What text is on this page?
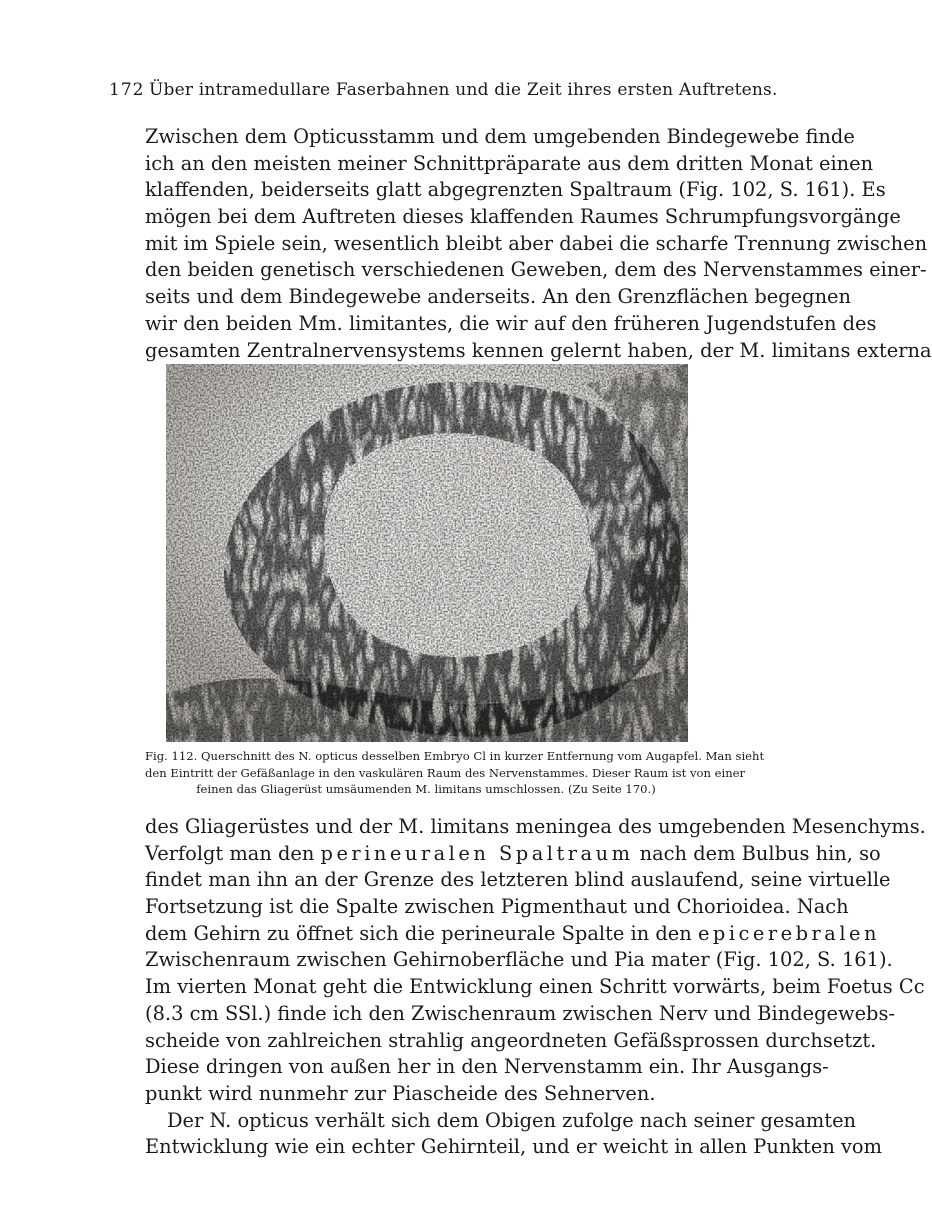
172 Über intramedullare Faserbahnen und die Zeit ihres ersten Auftretens.
Zwischen dem Opticusstamm und dem umgebenden Bindegewebe finde
ich an den meisten meiner Schnittpräparate aus dem dritten Monat einen
klaffenden, beiderseits glatt abgegrenzten Spaltraum (Fig. 102, S. 161). Es
mögen bei dem Auftreten dieses klaffenden Raumes Schrumpfungsvorgänge
mit im Spiele sein, wesentlich bleibt aber dabei die scharfe Trennung zwischen
den beiden genetisch verschiedenen Geweben, dem des Nervenstammes einer-
seits und dem Bindegewebe anderseits. An den Grenzflächen begegnen
wir den beiden Mm. limitantes, die wir auf den früheren Jugendstufen des
gesamten Zentralnervensystems kennen gelernt haben, der M. limitans externa
Fig. 112. Querschnitt des N. opticus desselben Embryo Cl in kurzer Entfernung vom Augapfel. Man sieht
den Eintritt der Gefäßanlage in den vaskulären Raum des Nervenstammes. Dieser Raum ist von einer
feinen das Gliagerüst umsäumenden M. limitans umschlossen. (Zu Seite 170.)
des Gliagerüstes und der M. limitans meningea des umgebenden Mesenchyms.
Verfolgt man den perineuralen Spaltraum nach dem Bulbus hin, so
findet man ihn an der Grenze des letzteren blind auslaufend, seine virtuelle
Fortsetzung ist die Spalte zwischen Pigmenthaut und Chorioidea. Nach
dem Gehirn zu öffnet sich die perineurale Spalte in den epicerebralen
Zwischenraum zwischen Gehirnoberfläche und Pia mater (Fig. 102, S. 161).
Im vierten Monat geht die Entwicklung einen Schritt vorwärts, beim Foetus Cc
(8.3 cm SSl.) finde ich den Zwischenraum zwischen Nerv und Bindegewebs-
scheide von zahlreichen strahlig angeordneten Gefäßsprossen durchsetzt.
Diese dringen von außen her in den Nervenstamm ein. Ihr Ausgangs-
punkt wird nunmehr zur Piascheide des Sehnerven.
Der N. opticus verhält sich dem Obigen zufolge nach seiner gesamten
Entwicklung wie ein echter Gehirnteil, und er weicht in allen Punkten vom
